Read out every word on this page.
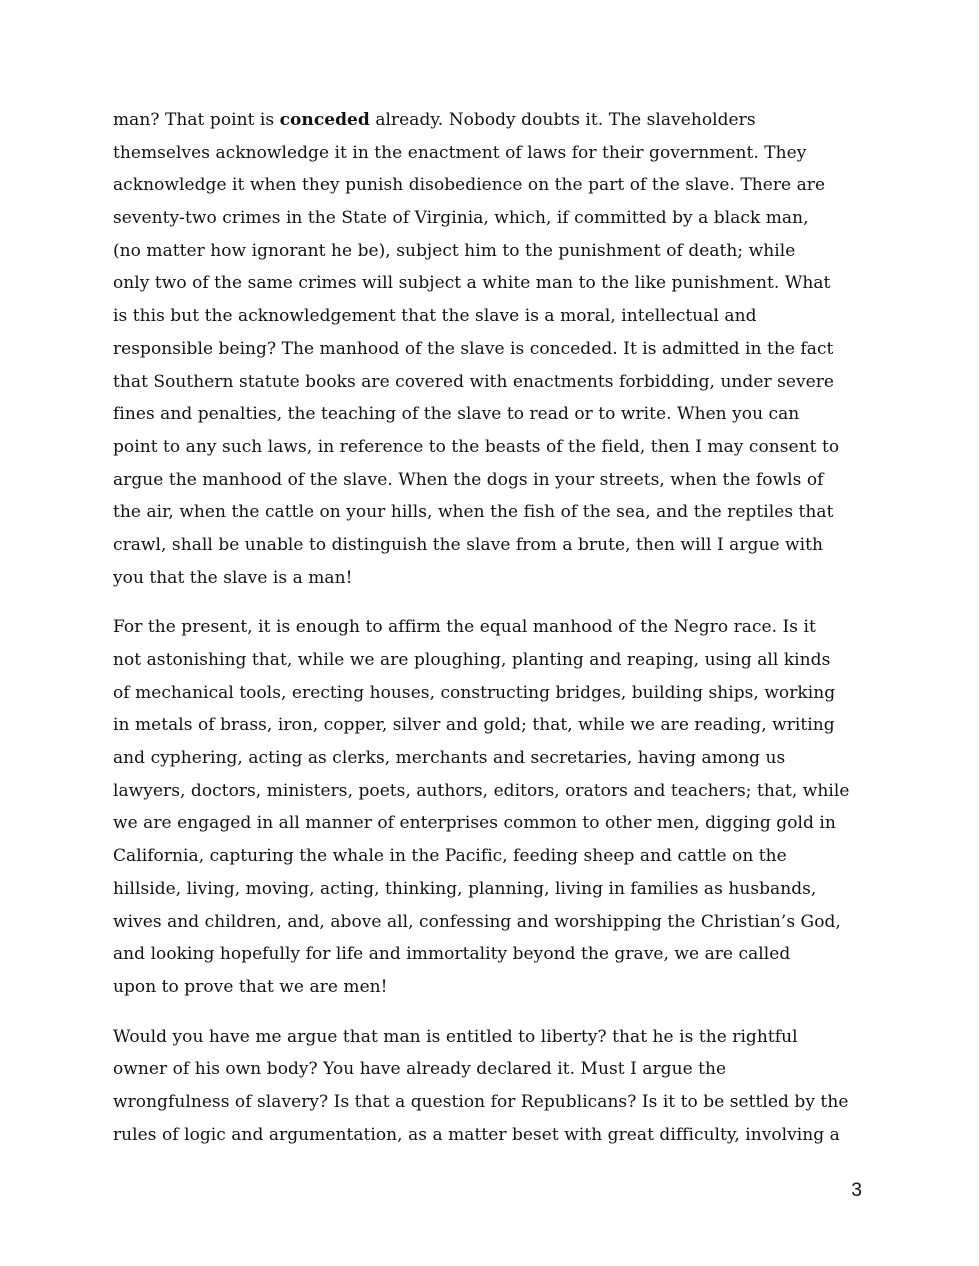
man? That point is conceded already. Nobody doubts it. The slaveholders
themselves acknowledge it in the enactment of laws for their government. They
acknowledge it when they punish disobedience on the part of the slave. There are
seventy-two crimes in the State of Virginia, which, if committed by a black man,
(no matter how ignorant he be), subject him to the punishment of death; while
only two of the same crimes will subject a white man to the like punishment. What
is this but the acknowledgement that the slave is a moral, intellectual and
responsible being? The manhood of the slave is conceded. It is admitted in the fact
that Southern statute books are covered with enactments forbidding, under severe
fines and penalties, the teaching of the slave to read or to write. When you can
point to any such laws, in reference to the beasts of the field, then I may consent to
argue the manhood of the slave. When the dogs in your streets, when the fowls of
the air, when the cattle on your hills, when the fish of the sea, and the reptiles that
crawl, shall be unable to distinguish the slave from a brute, then will I argue with
you that the slave is a man!
For the present, it is enough to affirm the equal manhood of the Negro race. Is it
not astonishing that, while we are ploughing, planting and reaping, using all kinds
of mechanical tools, erecting houses, constructing bridges, building ships, working
in metals of brass, iron, copper, silver and gold; that, while we are reading, writing
and cyphering, acting as clerks, merchants and secretaries, having among us
lawyers, doctors, ministers, poets, authors, editors, orators and teachers; that, while
we are engaged in all manner of enterprises common to other men, digging gold in
California, capturing the whale in the Pacific, feeding sheep and cattle on the
hillside, living, moving, acting, thinking, planning, living in families as husbands,
wives and children, and, above all, confessing and worshipping the Christian’s God,
and looking hopefully for life and immortality beyond the grave, we are called
upon to prove that we are men!
Would you have me argue that man is entitled to liberty? that he is the rightful
owner of his own body? You have already declared it. Must I argue the
wrongfulness of slavery? Is that a question for Republicans? Is it to be settled by the
rules of logic and argumentation, as a matter beset with great difficulty, involving a
3
